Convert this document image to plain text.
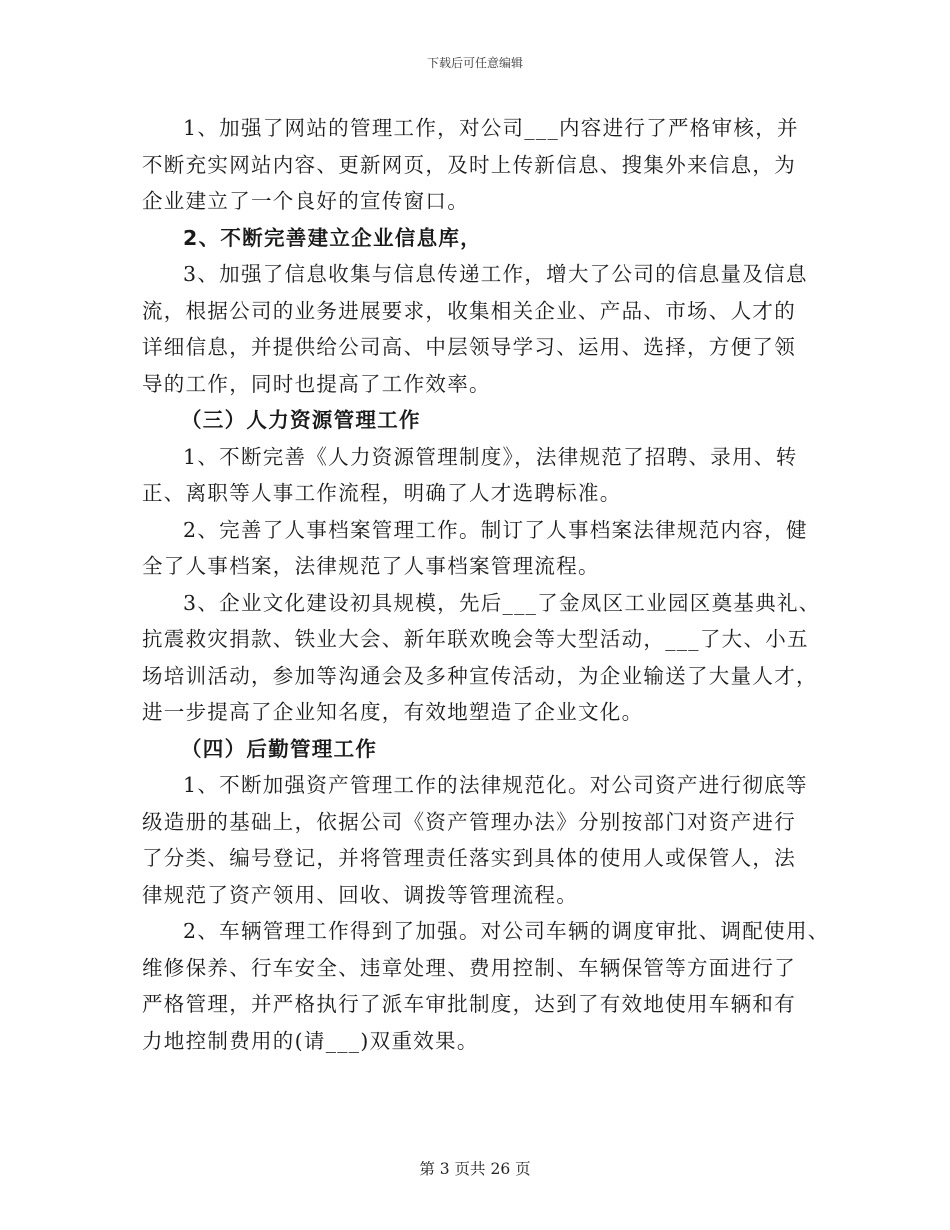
下载后可任意编辑
1、加强了网站的管理工作，对公司___内容进行了严格审核，并
不断充实网站内容、更新网页，及时上传新信息、搜集外来信息，为
企业建立了一个良好的宣传窗口。
2、不断完善建立企业信息库，
3、加强了信息收集与信息传递工作，增大了公司的信息量及信息
流，根据公司的业务进展要求，收集相关企业、产品、市场、人才的
详细信息，并提供给公司高、中层领导学习、运用、选择，方便了领
导的工作，同时也提高了工作效率。
（三）人力资源管理工作
1、不断完善《人力资源管理制度》，法律规范了招聘、录用、转
正、离职等人事工作流程，明确了人才选聘标准。
2、完善了人事档案管理工作。制订了人事档案法律规范内容，健
全了人事档案，法律规范了人事档案管理流程。
3、企业文化建设初具规模，先后___了金凤区工业园区奠基典礼、
抗震救灾捐款、铁业大会、新年联欢晚会等大型活动，___了大、小五
场培训活动，参加等沟通会及多种宣传活动，为企业输送了大量人才，
进一步提高了企业知名度，有效地塑造了企业文化。
（四）后勤管理工作
1、不断加强资产管理工作的法律规范化。对公司资产进行彻底等
级造册的基础上，依据公司《资产管理办法》分别按部门对资产进行
了分类、编号登记，并将管理责任落实到具体的使用人或保管人，法
律规范了资产领用、回收、调拨等管理流程。
2、车辆管理工作得到了加强。对公司车辆的调度审批、调配使用、
维修保养、行车安全、违章处理、费用控制、车辆保管等方面进行了
严格管理，并严格执行了派车审批制度，达到了有效地使用车辆和有
力地控制费用的(请___)双重效果。
第 3 页共 26 页
